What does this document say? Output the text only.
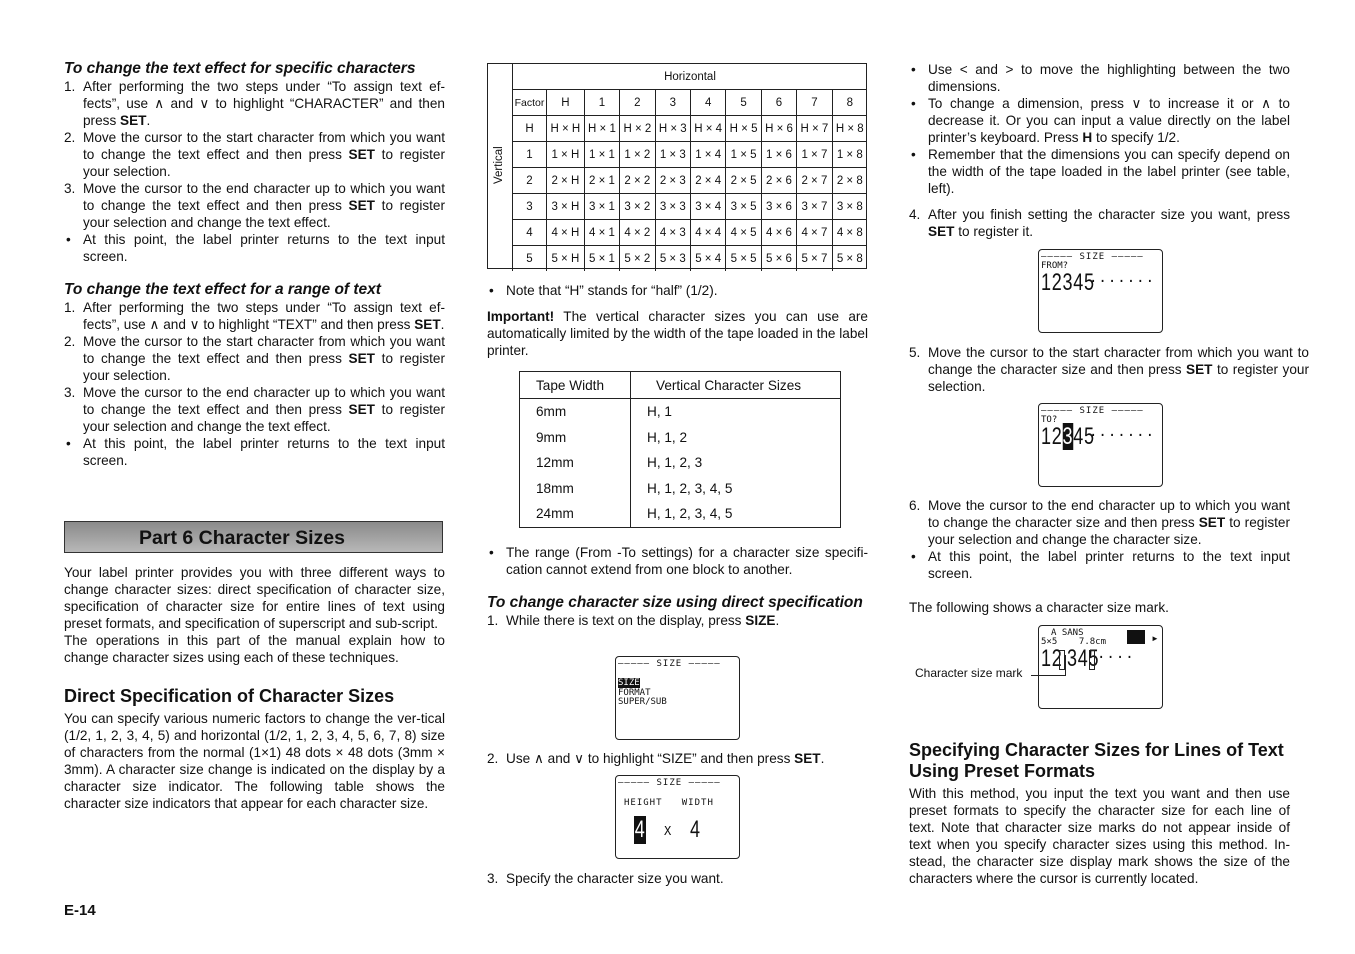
To change the text effect for specific characters
1. After performing the two steps under “To assign text ef-fects”, use ∧ and ∨ to highlight “CHARACTER” and then press SET.
2. Move the cursor to the start character from which you want to change the text effect and then press SET to register your selection.
3. Move the cursor to the end character up to which you want to change the text effect and then press SET to register your selection and change the text effect.
• At this point, the label printer returns to the text input screen.
To change the text effect for a range of text
1. After performing the two steps under “To assign text ef-fects”, use ∧ and ∨ to highlight “TEXT” and then press SET.
2. Move the cursor to the start character from which you want to change the text effect and then press SET to register your selection.
3. Move the cursor to the end character up to which you want to change the text effect and then press SET to register your selection and change the text effect.
• At this point, the label printer returns to the text input screen.
Part 6 Character Sizes

Your label printer provides you with three different ways to change character sizes: direct specification of character size, specification of character size for entire lines of text using preset formats, and specification of superscript and sub-script.

The operations in this part of the manual explain how to change character sizes using each of these techniques.

Direct Specification of Character Sizes

You can specify various numeric factors to change the ver-tical (1/2, 1, 2, 3, 4, 5) and horizontal (1/2, 1, 2, 3, 4, 5, 6, 7, 8) size of characters from the normal (1×1) 48 dots × 48 dots (3mm × 3mm). A character size change is indicated on the display by a character size indicator. The following table shows the character size indicators that appear for each character size.

Vertical
Horizontal									
Factor	H	1	2	3	4	5	6	7	8
H	H × H	H × 1	H × 2	H × 3	H × 4	H × 5	H × 6	H × 7	H × 8
1	1 × H	1 × 1	1 × 2	1 × 3	1 × 4	1 × 5	1 × 6	1 × 7	1 × 8
2	2 × H	2 × 1	2 × 2	2 × 3	2 × 4	2 × 5	2 × 6	2 × 7	2 × 8
3	3 × H	3 × 1	3 × 2	3 × 3	3 × 4	3 × 5	3 × 6	3 × 7	3 × 8
4	4 × H	4 × 1	4 × 2	4 × 3	4 × 4	4 × 5	4 × 6	4 × 7	4 × 8
5	5 × H	5 × 1	5 × 2	5 × 3	5 × 4	5 × 5	5 × 6	5 × 7	5 × 8
• Note that “H” stands for “half” (1/2).

Important! The vertical character sizes you can use are automatically limited by the width of the tape loaded in the label printer.

Tape Width	Vertical Character Sizes
6mm	H, 1
9mm	H, 1, 2
12mm	H, 1, 2, 3
18mm	H, 1, 2, 3, 4, 5
24mm	H, 1, 2, 3, 4, 5
• The range (From -To settings) for a character size specifi-cation cannot extend from one block to another.
To change character size using direct specification
1. While there is text on the display, press SIZE.
––––– SIZE –––––
SIZE
FORMAT
SUPER/SUB
2. Use ∧ and ∨ to highlight “SIZE” and then press SET.
––––– SIZE –––––
HEIGHT   WIDTH
4 X 4
3. Specify the character size you want.
• Use < and > to move the highlighting between the two dimensions.
• To change a dimension, press ∨ to increase it or ∧ to decrease it. Or you can input a value directly on the label printer’s keyboard. Press H to specify 1/2.
• Remember that the dimensions you can specify depend on the width of the tape loaded in the label printer (see table, left).
4. After you finish setting the character size you want, press SET to register it.
––––– SIZE –––––
FROM?
12345
·······
5. Move the cursor to the start character from which you want to change the character size and then press SET to register your selection.
––––– SIZE –––––
TO?
12345
·······
6. Move the cursor to the end character up to which you want to change the character size and then press SET to register your selection and change the character size.
• At this point, the label printer returns to the text input screen.

The following shows a character size mark.

A SANS
5×5    7.8cm	►
12 345
····
Character size mark
Specifying Character Sizes for Lines of Text Using Preset Formats

With this method, you input the text you want and then use preset formats to specify the character size for each line of text. Note that character size marks do not appear inside of text when you specify character sizes using this method. In-stead, the character size display mark shows the size of the characters where the cursor is currently located.

E-14
